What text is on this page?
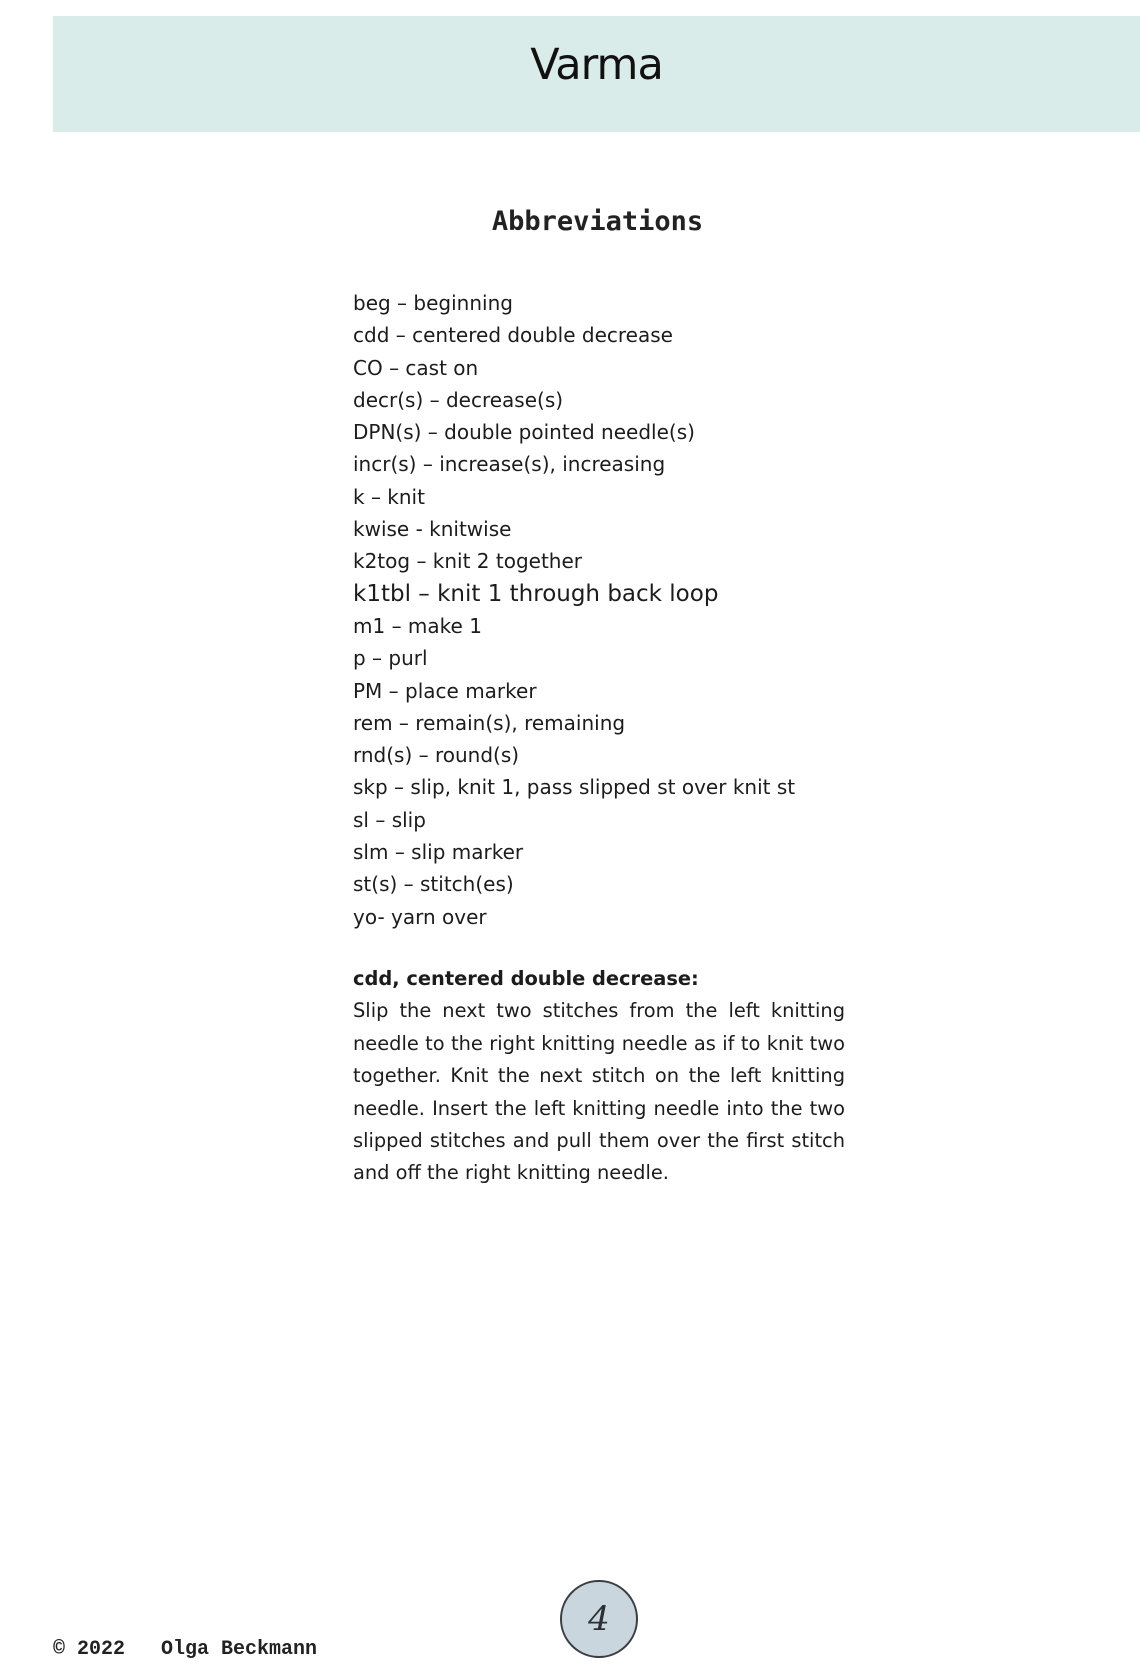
Varma
Abbreviations
beg – beginning
cdd – centered double decrease
CO – cast on
decr(s) – decrease(s)
DPN(s) – double pointed needle(s)
incr(s) – increase(s), increasing
k – knit
kwise - knitwise
k2tog – knit 2 together
k1tbl – knit 1 through back loop
m1 – make 1
p – purl
PM – place marker
rem – remain(s), remaining
rnd(s) – round(s)
skp – slip, knit 1, pass slipped st over knit st
sl – slip
slm – slip marker
st(s) – stitch(es)
yo- yarn over
cdd, centered double decrease:
Slip the next two stitches from the left knitting needle to the right knitting needle as if to knit two together. Knit the next stitch on the left knitting needle. Insert the left knitting needle into the two slipped stitches and pull them over the first stitch and off the right knitting needle.
4
© 2022   Olga Beckmann
